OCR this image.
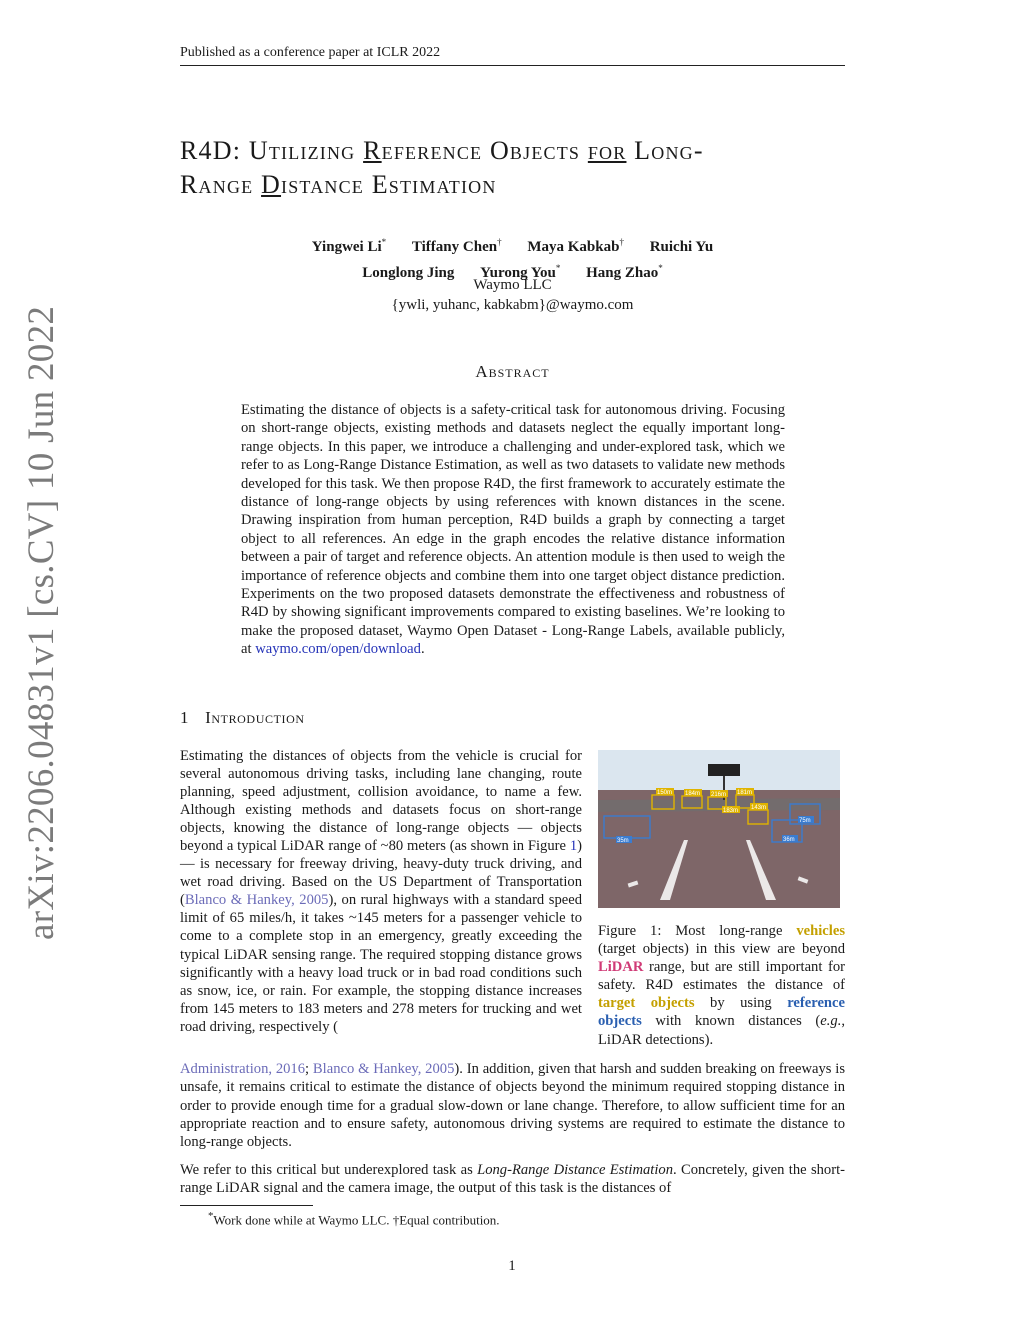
Published as a conference paper at ICLR 2022
R4D: Utilizing Reference Objects for Long-
Range Distance Estimation
Yingwei Li* Tiffany Chen† Maya Kabkab† Ruichi Yu
Longlong Jing Yurong You* Hang Zhao*
Waymo LLC
{ywli, yuhanc, kabkabm}@waymo.com
arXiv:2206.04831v1 [cs.CV] 10 Jun 2022	Abstract
Estimating the distance of objects is a safety-critical task for autonomous driving. Focusing on short-range objects, existing methods and datasets neglect the equally important long-range objects. In this paper, we introduce a challenging and under-explored task, which we refer to as Long-Range Distance Estimation, as well as two datasets to validate new methods developed for this task. We then propose R4D, the first framework to accurately estimate the distance of long-range objects by using references with known distances in the scene. Drawing inspiration from human perception, R4D builds a graph by connecting a target object to all references. An edge in the graph encodes the relative distance information between a pair of target and reference objects. An attention module is then used to weigh the importance of reference objects and combine them into one target object distance prediction. Experiments on the two proposed datasets demonstrate the effectiveness and robustness of R4D by showing significant improvements compared to existing baselines. We’re looking to make the proposed dataset, Waymo Open Dataset - Long-Range Labels, available publicly, at waymo.com/open/download.
1 Introduction
Estimating the distances of objects from the vehicle is crucial for several autonomous driving tasks, including lane changing, route planning, speed adjustment, collision avoidance, to name a few. Although existing methods and datasets focus on short-range objects, knowing the distance of long-range objects — objects beyond a typical LiDAR range of ~80 meters (as shown in Figure 1) — is necessary for freeway driving, heavy-duty truck driving, and wet road driving. Based on the US Department of Transportation (Blanco & Hankey, 2005), on rural highways with a standard speed limit of 65 miles/h, it takes ~145 meters for a passenger vehicle to come to a complete stop in an emergency, greatly exceeding the typical LiDAR sensing range. The required stopping distance grows significantly with a heavy load truck or in bad road conditions such as snow, ice, or rain. For example, the stopping distance increases from 145 meters to 183 meters and 278 meters for trucking and wet road driving, respectively (
150m 184m 216m 181m
183m 143m
35m
75m
36m
Figure 1: Most long-range vehicles (target objects) in this view are beyond LiDAR range, but are still important for safety. R4D estimates the distance of target objects by using reference objects with known distances (e.g., LiDAR detections).
Administration, 2016; Blanco & Hankey, 2005). In addition, given that harsh and sudden breaking on freeways is unsafe, it remains critical to estimate the distance of objects beyond the minimum required stopping distance in order to provide enough time for a gradual slow-down or lane change. Therefore, to allow sufficient time for an appropriate reaction and to ensure safety, autonomous driving systems are required to estimate the distance to long-range objects.
We refer to this critical but underexplored task as Long-Range Distance Estimation. Concretely, given the short-range LiDAR signal and the camera image, the output of this task is the distances of
*Work done while at Waymo LLC. †Equal contribution.
1
